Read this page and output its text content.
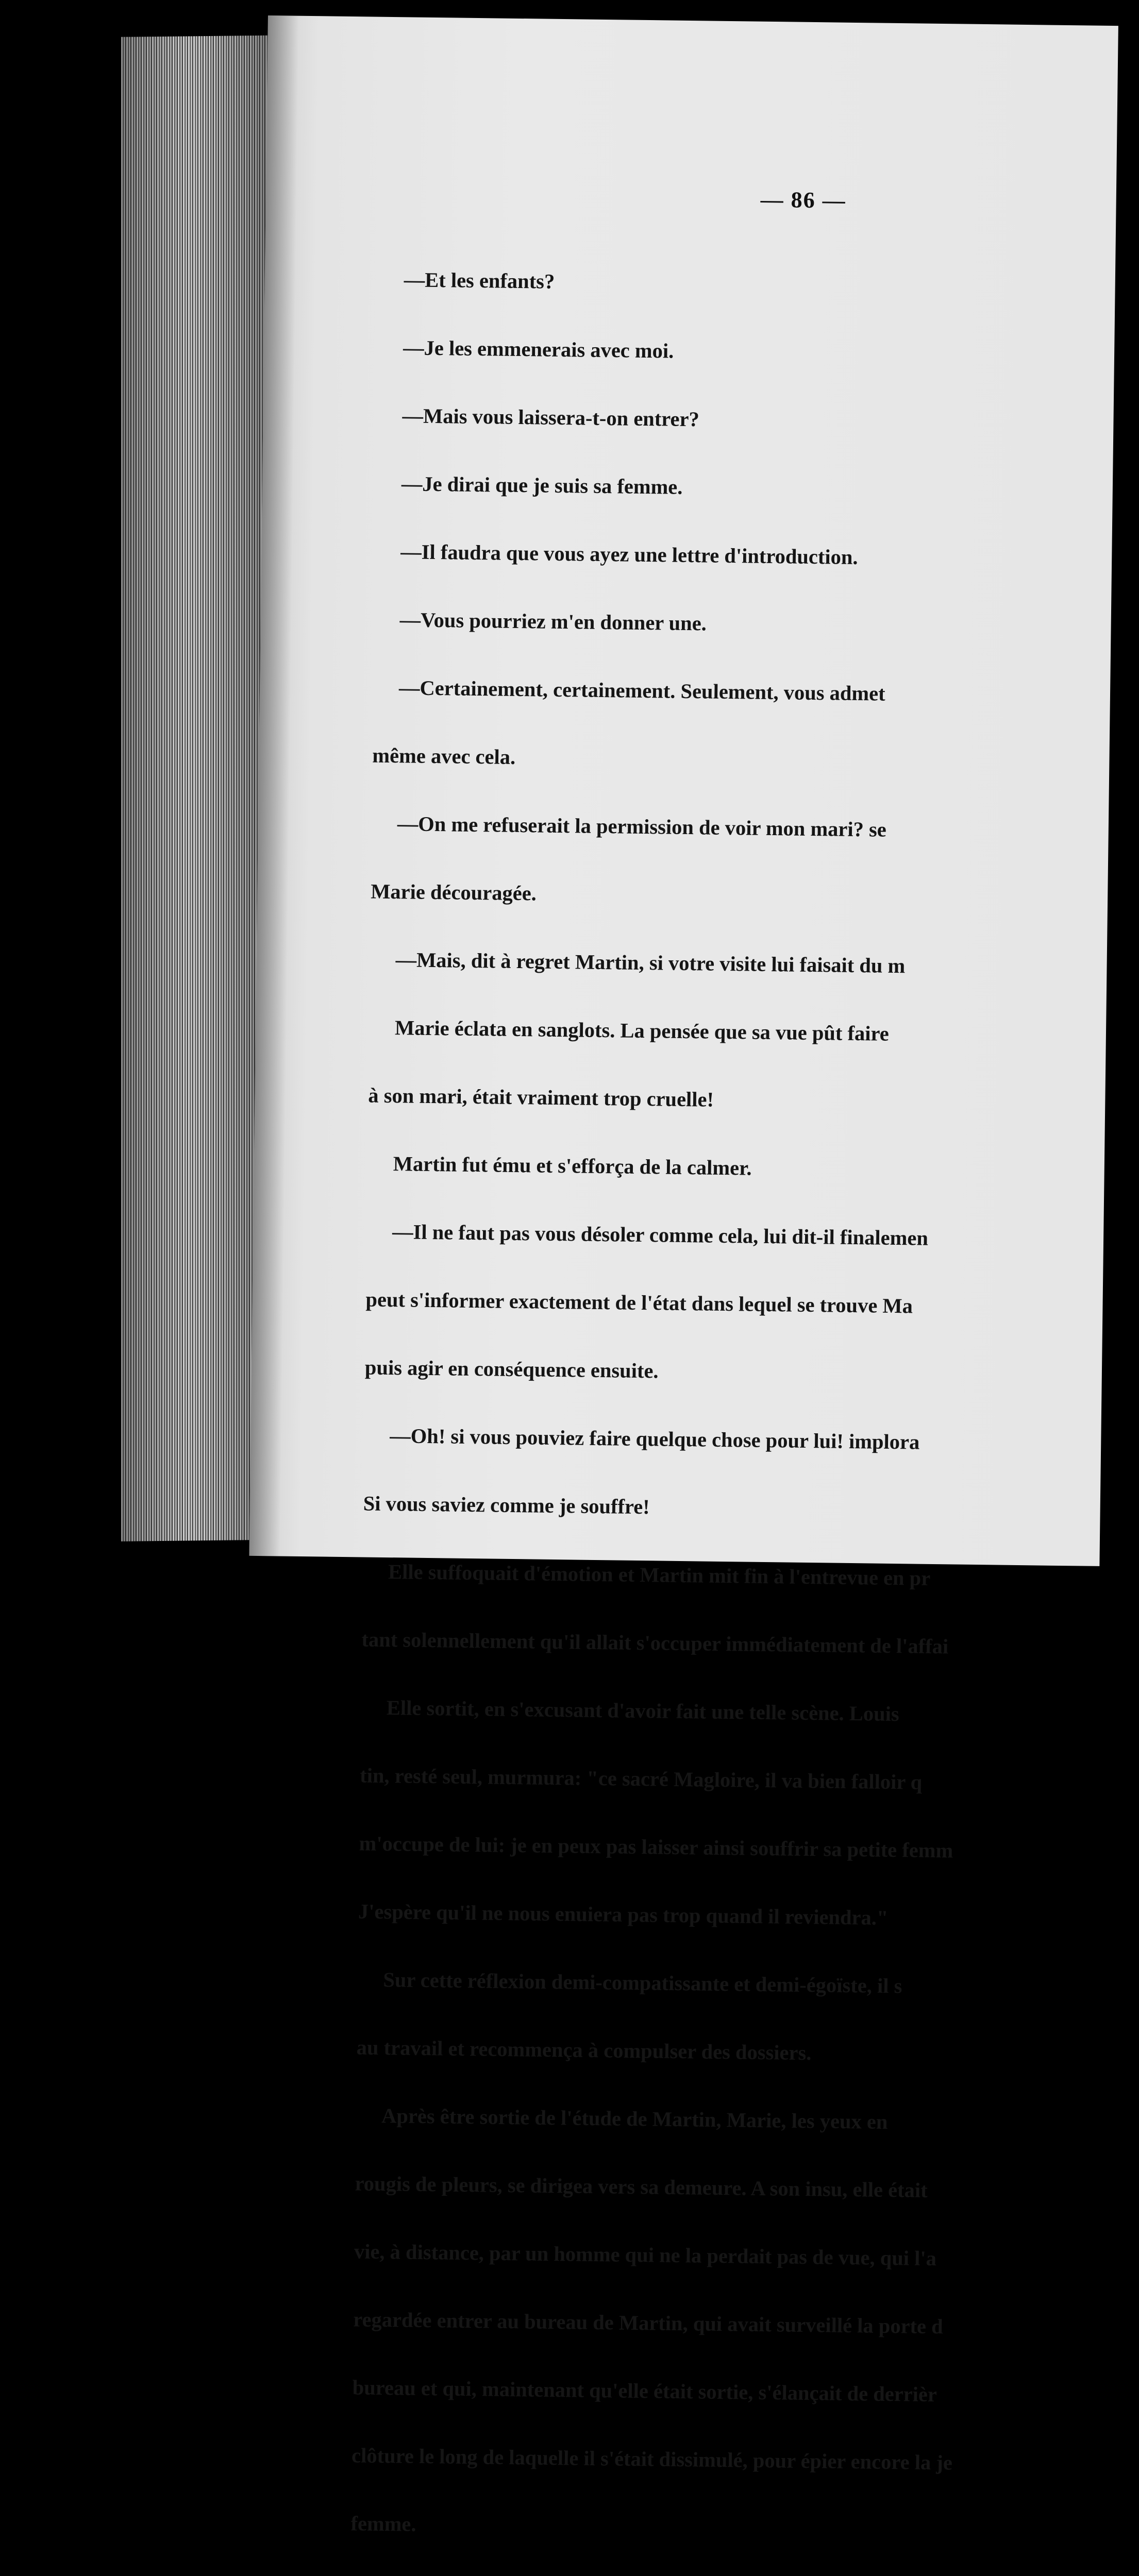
— 86 —

—Et les enfants?

—Je les emmenerais avec moi.

—Mais vous laissera-t-on entrer?

—Je dirai que je suis sa femme.

—Il faudra que vous ayez une lettre d'introduction.

—Vous pourriez m'en donner une.

—Certainement, certainement. Seulement, vous admet

même avec cela.

—On me refuserait la permission de voir mon mari? se

Marie découragée.

—Mais, dit à regret Martin, si votre visite lui faisait du m

Marie éclata en sanglots. La pensée que sa vue pût faire

à son mari, était vraiment trop cruelle!

Martin fut ému et s'efforça de la calmer.

—Il ne faut pas vous désoler comme cela, lui dit-il finalemen

peut s'informer exactement de l'état dans lequel se trouve Ma

puis agir en conséquence ensuite.

—Oh! si vous pouviez faire quelque chose pour lui! implora

Si vous saviez comme je souffre!

Elle suffoquait d'émotion et Martin mit fin à l'entrevue en pr

tant solennellement qu'il allait s'occuper immédiatement de l'affai

Elle sortit, en s'excusant d'avoir fait une telle scène. Louis

tin, resté seul, murmura: "ce sacré Magloire, il va bien falloir q

m'occupe de lui: je en peux pas laisser ainsi souffrir sa petite femm

J'espère qu'il ne nous enuiera pas trop quand il reviendra."

Sur cette réflexion demi-compatissante et demi-égoïste, il s

au travail et recommença à compulser des dossiers.

Après être sortie de l'étude de Martin, Marie, les yeux en

rougis de pleurs, se dirigea vers sa demeure. A son insu, elle était

vie, à distance, par un homme qui ne la perdait pas de vue, qui l'a

regardée entrer au bureau de Martin, qui avait surveillé la porte d

bureau et qui, maintenant qu'elle était sortie, s'élançait de derrièr

clôture le long de laquelle il s'était dissimulé, pour épier encore la je

femme.
